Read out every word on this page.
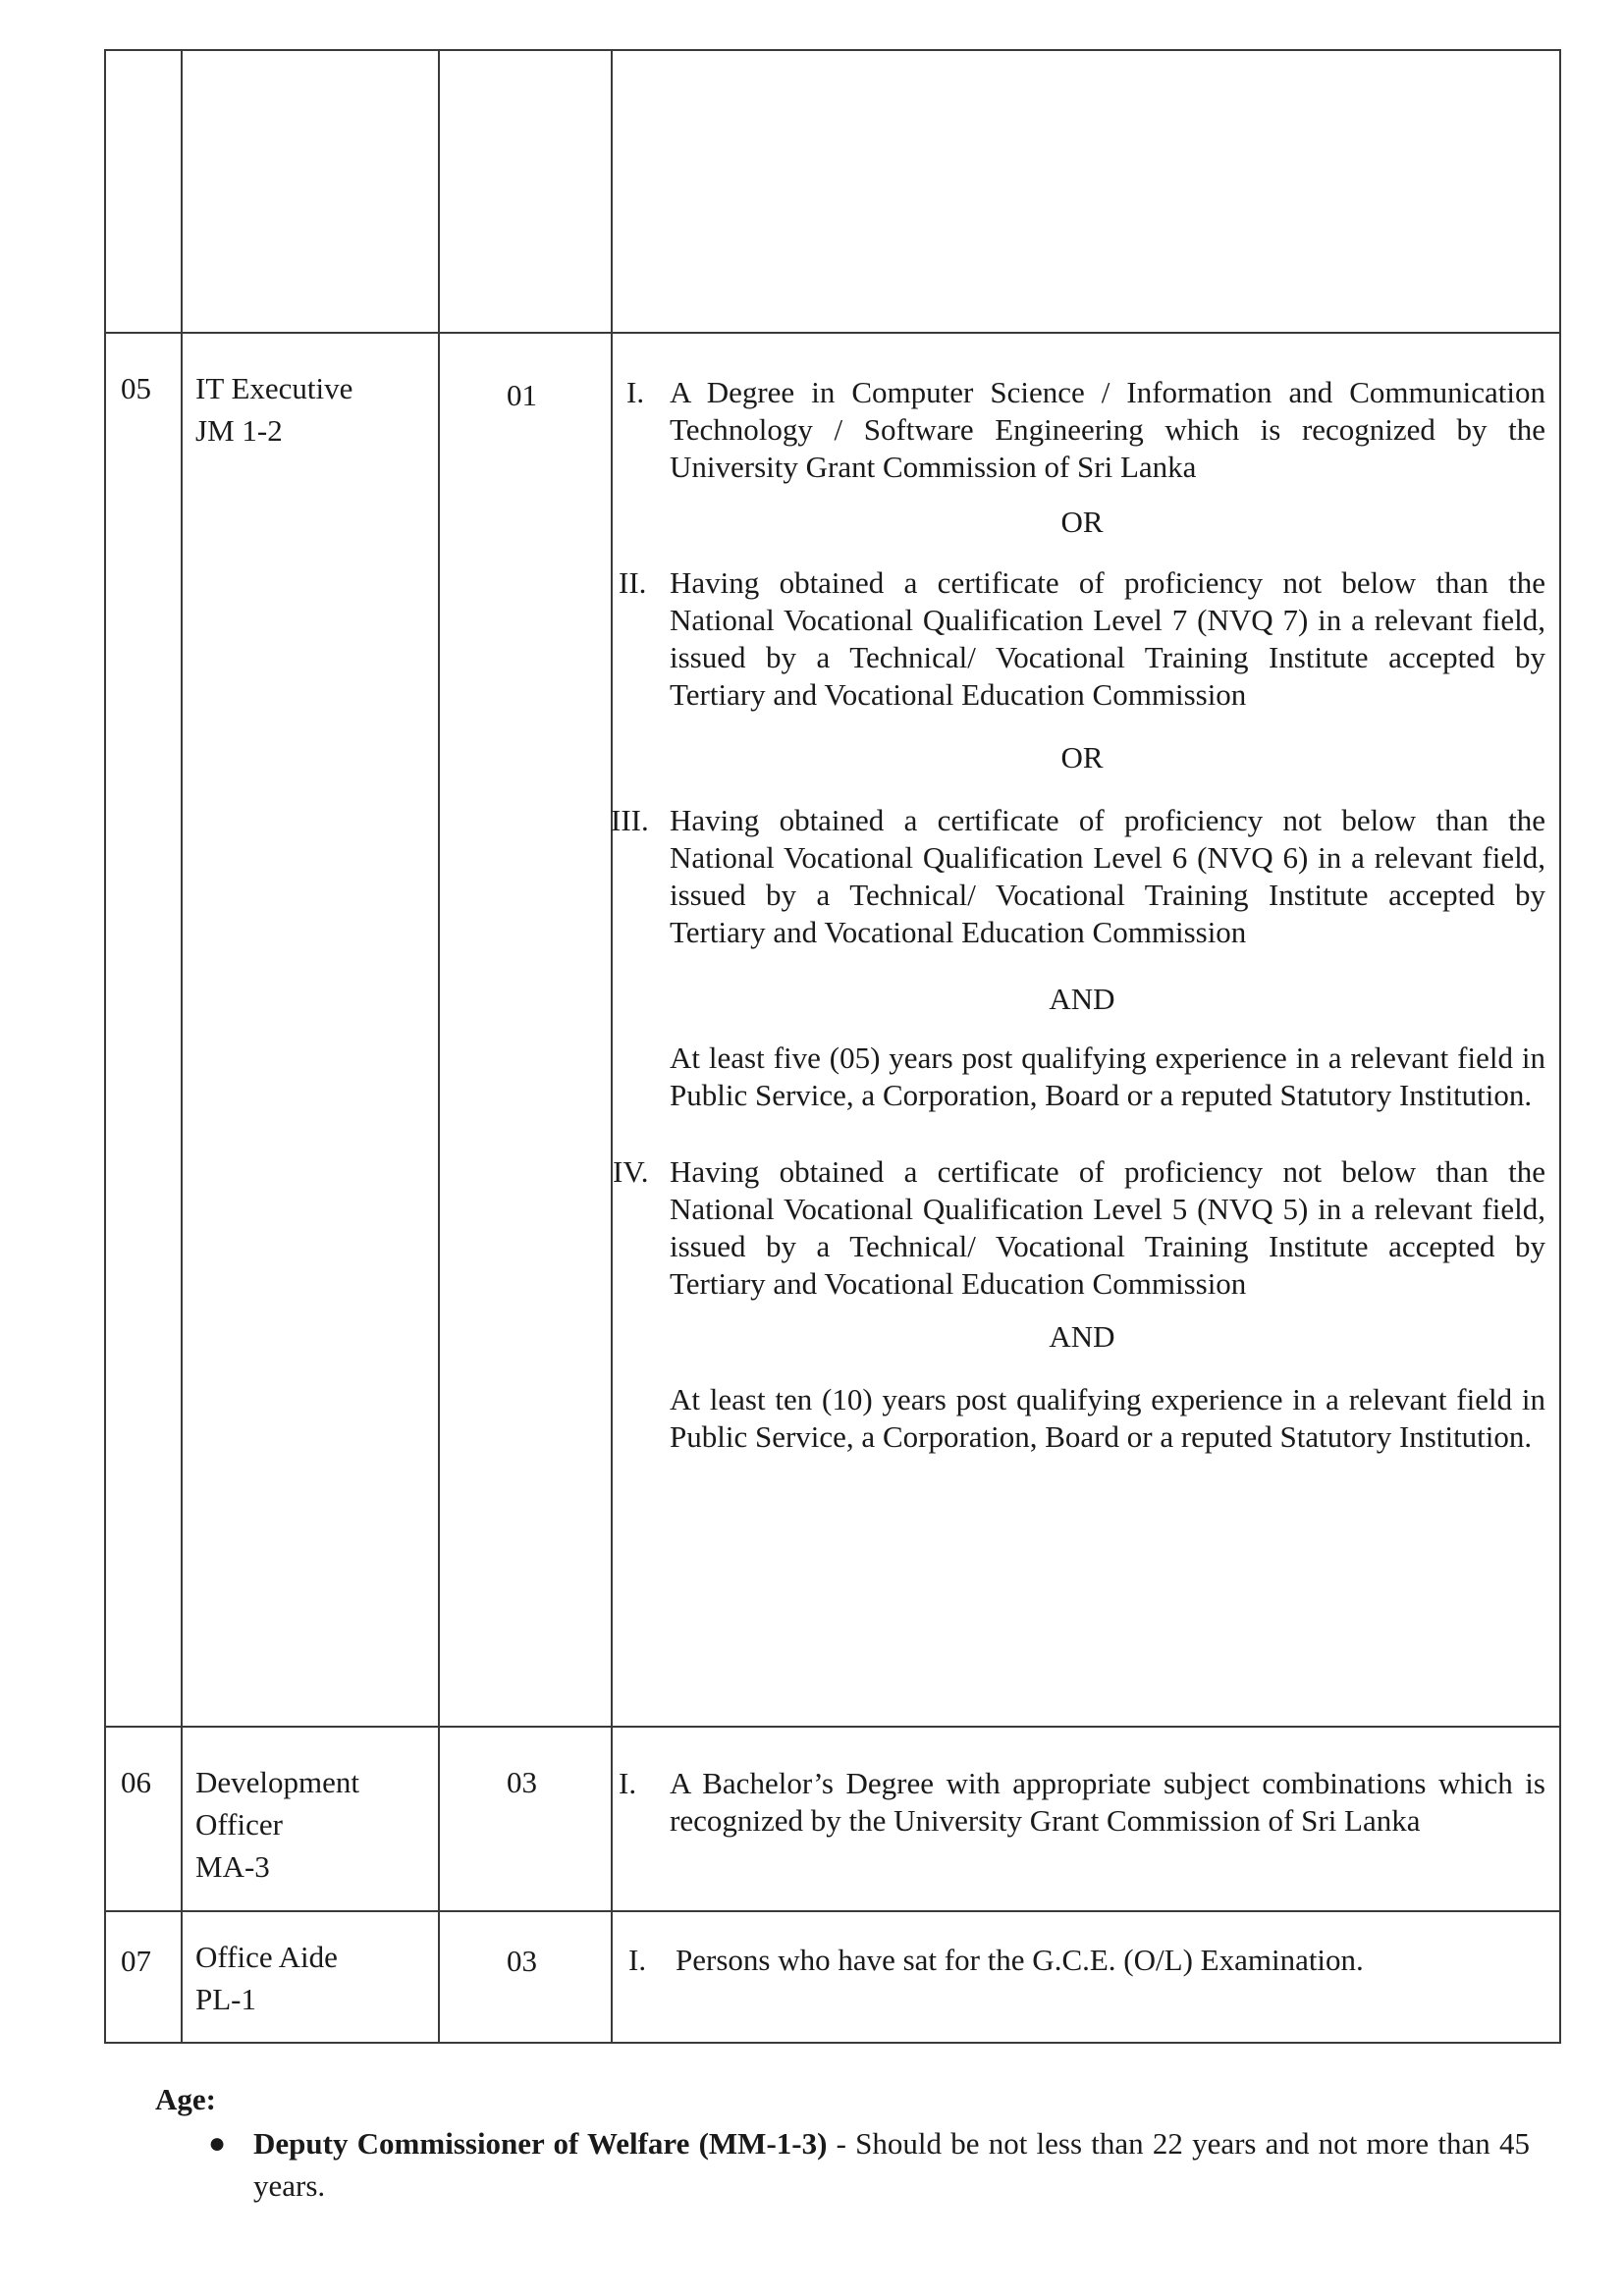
05 IT Executive
JM 1-2
01	I. A Degree in Computer Science / Information and Communication Technology / Software Engineering which is recognized by the University Grant Commission of Sri Lanka
OR
II. Having obtained a certificate of proficiency not below than the National Vocational Qualification Level 7 (NVQ 7) in a relevant field, issued by a Technical/ Vocational Training Institute accepted by Tertiary and Vocational Education Commission
OR
III. Having obtained a certificate of proficiency not below than the National Vocational Qualification Level 6 (NVQ 6) in a relevant field, issued by a Technical/ Vocational Training Institute accepted by Tertiary and Vocational Education Commission
AND
At least five (05) years post qualifying experience in a relevant field in Public Service, a Corporation, Board or a reputed Statutory Institution.
IV. Having obtained a certificate of proficiency not below than the National Vocational Qualification Level 5 (NVQ 5) in a relevant field, issued by a Technical/ Vocational Training Institute accepted by Tertiary and Vocational Education Commission
AND
At least ten (10) years post qualifying experience in a relevant field in Public Service, a Corporation, Board or a reputed Statutory Institution.
06 Development
Officer
MA-3
03	I. A Bachelor’s Degree with appropriate subject combinations which is recognized by the University Grant Commission of Sri Lanka
07 Office Aide
PL-1
03	I. Persons who have sat for the G.C.E. (O/L) Examination.
Age:
● Deputy Commissioner of Welfare (MM-1-3) - Should be not less than 22 years and not more than 45 years.
